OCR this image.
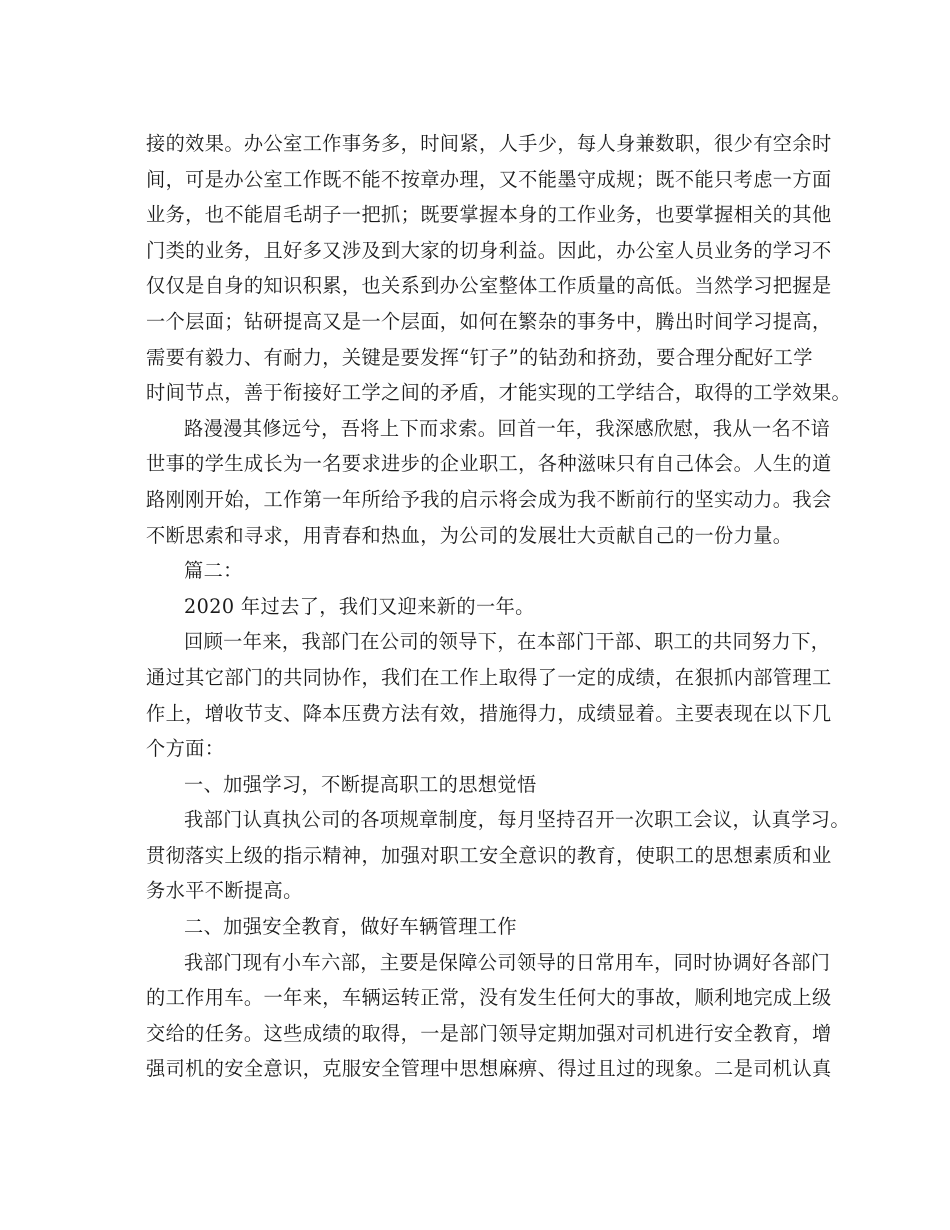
接的效果。办公室工作事务多，时间紧，人手少，每人身兼数职，很少有空余时
间，可是办公室工作既不能不按章办理，又不能墨守成规；既不能只考虑一方面
业务，也不能眉毛胡子一把抓；既要掌握本身的工作业务，也要掌握相关的其他
门类的业务，且好多又涉及到大家的切身利益。因此，办公室人员业务的学习不
仅仅是自身的知识积累，也关系到办公室整体工作质量的高低。当然学习把握是
一个层面；钻研提高又是一个层面，如何在繁杂的事务中，腾出时间学习提高，
需要有毅力、有耐力，关键是要发挥“钉子”的钻劲和挤劲，要合理分配好工学
时间节点，善于衔接好工学之间的矛盾，才能实现的工学结合，取得的工学效果。

路漫漫其修远兮，吾将上下而求索。回首一年，我深感欣慰，我从一名不谙
世事的学生成长为一名要求进步的企业职工，各种滋味只有自己体会。人生的道
路刚刚开始，工作第一年所给予我的启示将会成为我不断前行的坚实动力。我会
不断思索和寻求，用青春和热血，为公司的发展壮大贡献自己的一份力量。

篇二：

2020 年过去了，我们又迎来新的一年。

回顾一年来，我部门在公司的领导下，在本部门干部、职工的共同努力下，
通过其它部门的共同协作，我们在工作上取得了一定的成绩，在狠抓内部管理工
作上，增收节支、降本压费方法有效，措施得力，成绩显着。主要表现在以下几
个方面：

一、加强学习，不断提高职工的思想觉悟

我部门认真执公司的各项规章制度，每月坚持召开一次职工会议，认真学习。
贯彻落实上级的指示精神，加强对职工安全意识的教育，使职工的思想素质和业
务水平不断提高。

二、加强安全教育，做好车辆管理工作

我部门现有小车六部，主要是保障公司领导的日常用车，同时协调好各部门
的工作用车。一年来，车辆运转正常，没有发生任何大的事故，顺利地完成上级
交给的任务。这些成绩的取得，一是部门领导定期加强对司机进行安全教育，增
强司机的安全意识，克服安全管理中思想麻痹、得过且过的现象。二是司机认真
